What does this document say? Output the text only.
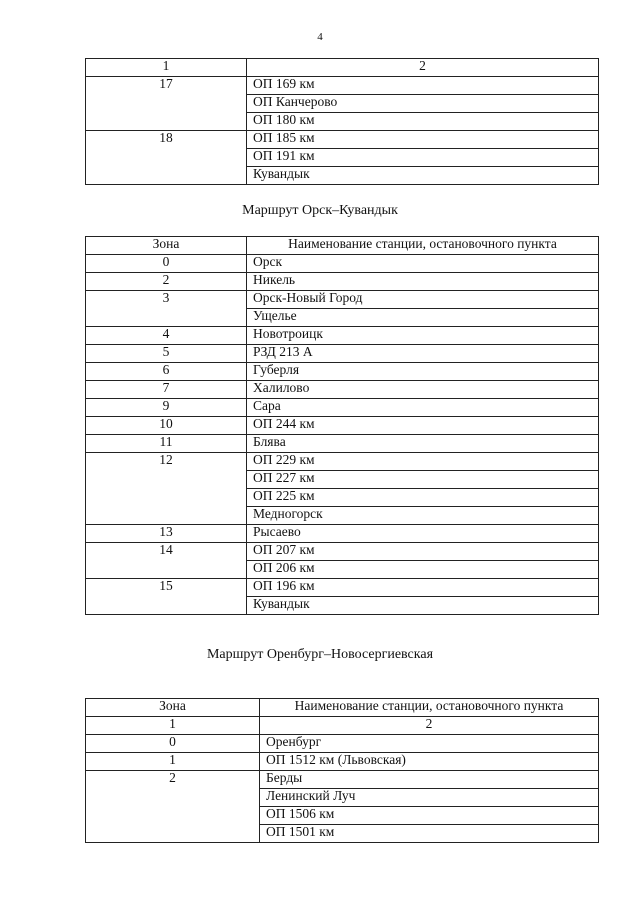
4
1	2
17	ОП 169 км
	ОП Канчерово
	ОП 180 км
18	ОП 185 км
	ОП 191 км
	Кувандык
Маршрут Орск–Кувандык
Зона	Наименование станции, остановочного пункта
0	Орск
2	Никель
3	Орск-Новый Город
	Ущелье
4	Новотроицк
5	РЗД 213 А
6	Губерля
7	Халилово
9	Сара
10	ОП 244 км
11	Блява
12	ОП 229 км
	ОП 227 км
	ОП 225 км
	Медногорск
13	Рысаево
14	ОП 207 км
	ОП 206 км
15	ОП 196 км
	Кувандык
Маршрут Оренбург–Новосергиевская
Зона	Наименование станции, остановочного пункта
1	2
0	Оренбург
1	ОП 1512 км (Львовская)
2	Берды
	Ленинский Луч
	ОП 1506 км
	ОП 1501 км
